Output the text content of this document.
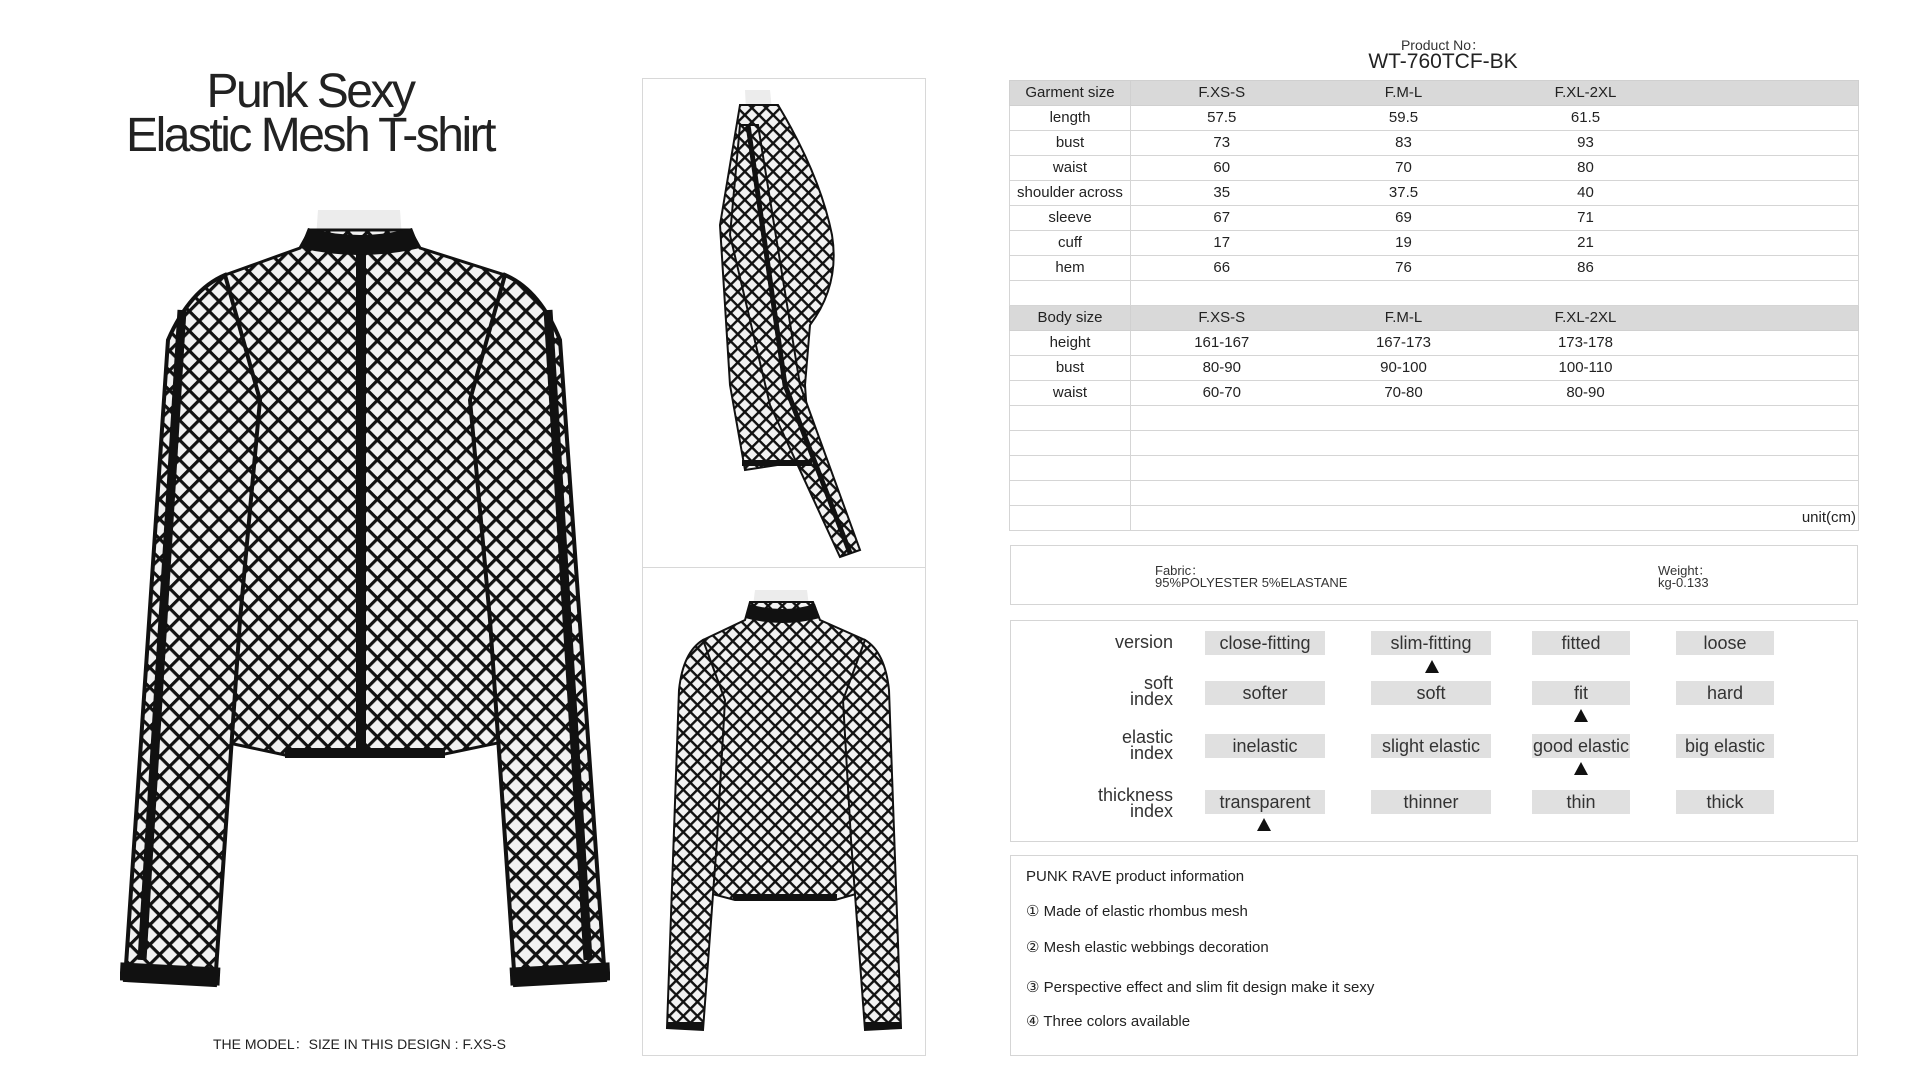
Punk Sexy
Elastic Mesh T-shirt
THE MODEL：SIZE IN THIS DESIGN : F.XS-S
Product No：
WT-760TCF-BK
Garment size	F.XS-S	F.M-L	F.XL-2XL	
length	57.5	59.5	61.5	
bust	73	83	93	
waist	60	70	80	
shoulder across	35	37.5	40	
sleeve	67	69	71	
cuff	17	19	21	
hem	66	76	86	

Body size	F.XS-S	F.M-L	F.XL-2XL	
height	161-167	167-173	173-178	
bust	80-90	90-100	100-110	
waist	60-70	70-80	80-90	

	unit(cm)			
Fabric：
95%POLYESTER 5%ELASTANE
Weight：
kg-0.133
version	close-fitting	slim-fitting	fitted	loose
soft
index	softer	soft	fit	hard
elastic
index	inelastic	slight elastic	good elastic	big elastic
thickness
index	transparent	thinner	thin	thick
PUNK RAVE product information
① Made of elastic rhombus mesh
② Mesh elastic webbings decoration
③ Perspective effect and slim fit design make it sexy
④ Three colors available
